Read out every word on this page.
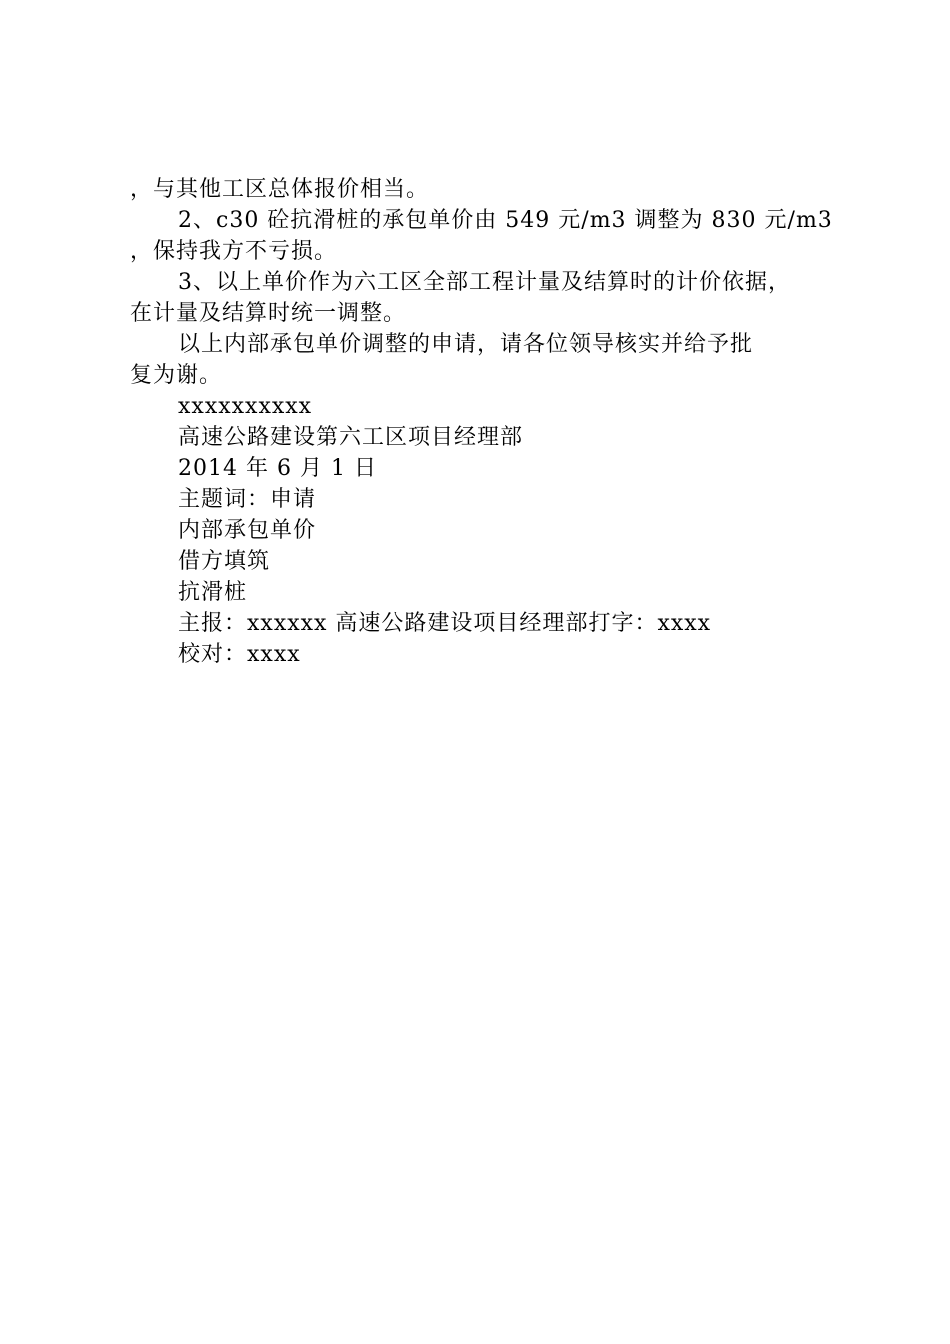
，与其他工区总体报价相当。
2、c30 砼抗滑桩的承包单价由 549 元/m3 调整为 830 元/m3
，保持我方不亏损。
3、以上单价作为六工区全部工程计量及结算时的计价依据，
在计量及结算时统一调整。
以上内部承包单价调整的申请，请各位领导核实并给予批
复为谢。
xxxxxxxxxx
高速公路建设第六工区项目经理部
2014 年 6 月 1 日
主题词：申请
内部承包单价
借方填筑
抗滑桩
主报：xxxxxx 高速公路建设项目经理部打字：xxxx
校对：xxxx
